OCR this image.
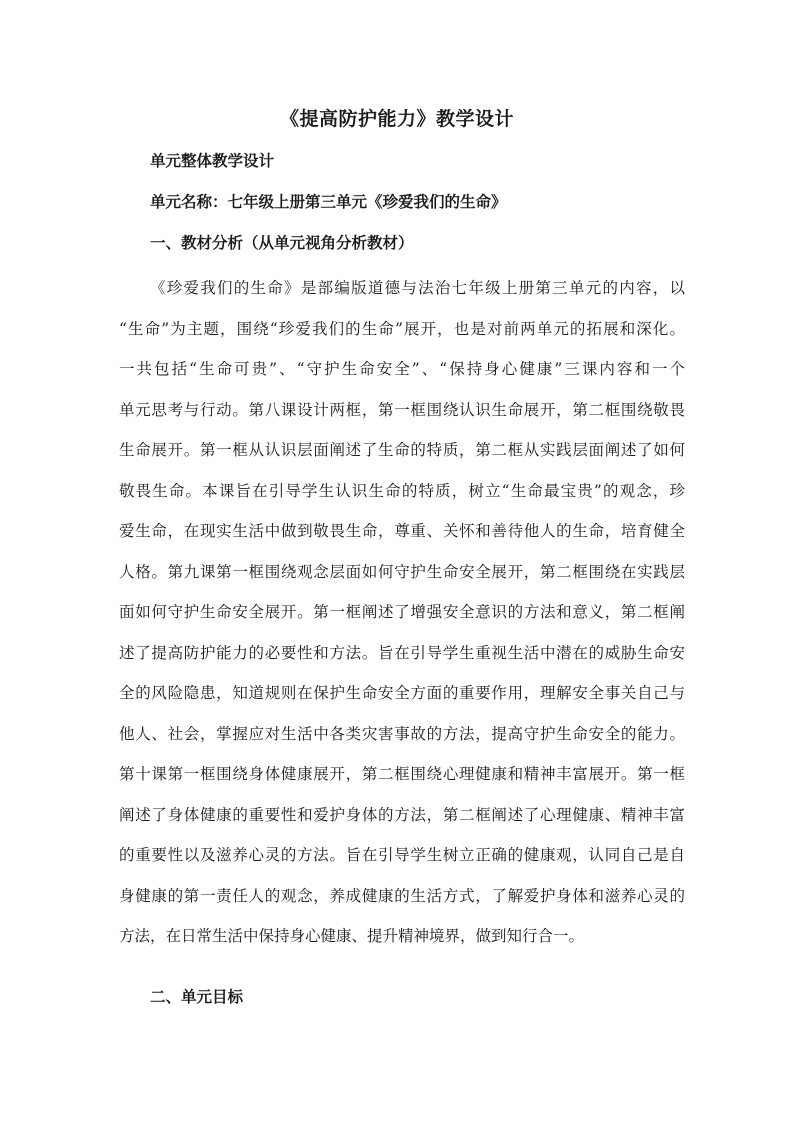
《提高防护能力》教学设计
单元整体教学设计
单元名称：七年级上册第三单元《珍爱我们的生命》
一、教材分析（从单元视角分析教材）
《珍爱我们的生命》是部编版道德与法治七年级上册第三单元的内容，以
“生命”为主题，围绕“珍爱我们的生命”展开，也是对前两单元的拓展和深化。
一共包括“生命可贵”、“守护生命安全”、“保持身心健康”三课内容和一个
单元思考与行动。第八课设计两框，第一框围绕认识生命展开，第二框围绕敬畏
生命展开。第一框从认识层面阐述了生命的特质，第二框从实践层面阐述了如何
敬畏生命。本课旨在引导学生认识生命的特质，树立“生命最宝贵”的观念，珍
爱生命，在现实生活中做到敬畏生命，尊重、关怀和善待他人的生命，培育健全
人格。第九课第一框围绕观念层面如何守护生命安全展开，第二框围绕在实践层
面如何守护生命安全展开。第一框阐述了增强安全意识的方法和意义，第二框阐
述了提高防护能力的必要性和方法。旨在引导学生重视生活中潜在的威胁生命安
全的风险隐患，知道规则在保护生命安全方面的重要作用，理解安全事关自己与
他人、社会，掌握应对生活中各类灾害事故的方法，提高守护生命安全的能力。
第十课第一框围绕身体健康展开，第二框围绕心理健康和精神丰富展开。第一框
阐述了身体健康的重要性和爱护身体的方法，第二框阐述了心理健康、精神丰富
的重要性以及滋养心灵的方法。旨在引导学生树立正确的健康观，认同自己是自
身健康的第一责任人的观念，养成健康的生活方式，了解爱护身体和滋养心灵的
方法，在日常生活中保持身心健康、提升精神境界，做到知行合一。
二、单元目标
